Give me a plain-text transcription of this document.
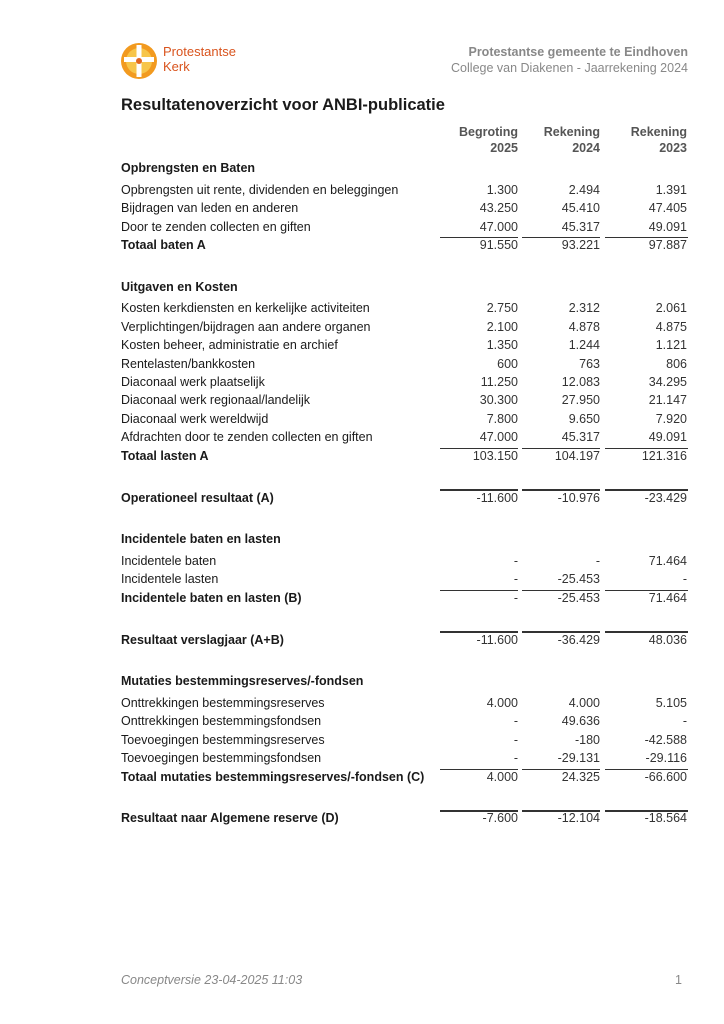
Protestantse
Kerk
Protestantse gemeente te Eindhoven
College van Diakenen - Jaarrekening 2024
Resultatenoverzicht voor ANBI-publicatie
Begroting
2025
Rekening
2024
Rekening
2023
Opbrengsten en Baten
Opbrengsten uit rente, dividenden en beleggingen	1.300	2.494	1.391
Bijdragen van leden en anderen	43.250	45.410	47.405
Door te zenden collecten en giften	47.000	45.317	49.091
Totaal baten A	91.550	93.221	97.887
Uitgaven en Kosten
Kosten kerkdiensten en kerkelijke activiteiten	2.750	2.312	2.061
Verplichtingen/bijdragen aan andere organen	2.100	4.878	4.875
Kosten beheer, administratie en archief	1.350	1.244	1.121
Rentelasten/bankkosten	600	763	806
Diaconaal werk plaatselijk	11.250	12.083	34.295
Diaconaal werk regionaal/landelijk	30.300	27.950	21.147
Diaconaal werk wereldwijd	7.800	9.650	7.920
Afdrachten door te zenden collecten en giften	47.000	45.317	49.091
Totaal lasten A	103.150	104.197	121.316
Operationeel resultaat (A)	-11.600	-10.976	-23.429
Incidentele baten en lasten
Incidentele baten	-	-	71.464
Incidentele lasten	-	-25.453	-
Incidentele baten en lasten (B)	-	-25.453	71.464
Resultaat verslagjaar (A+B)	-11.600	-36.429	48.036
Mutaties bestemmingsreserves/-fondsen
Onttrekkingen bestemmingsreserves	4.000	4.000	5.105
Onttrekkingen bestemmingsfondsen	-	49.636	-
Toevoegingen bestemmingsreserves	-	-180	-42.588
Toevoegingen bestemmingsfondsen	-	-29.131	-29.116
Totaal mutaties bestemmingsreserves/-fondsen (C)	4.000	24.325	-66.600
Resultaat naar Algemene reserve (D)	-7.600	-12.104	-18.564
Conceptversie 23-04-2025 11:03	1
